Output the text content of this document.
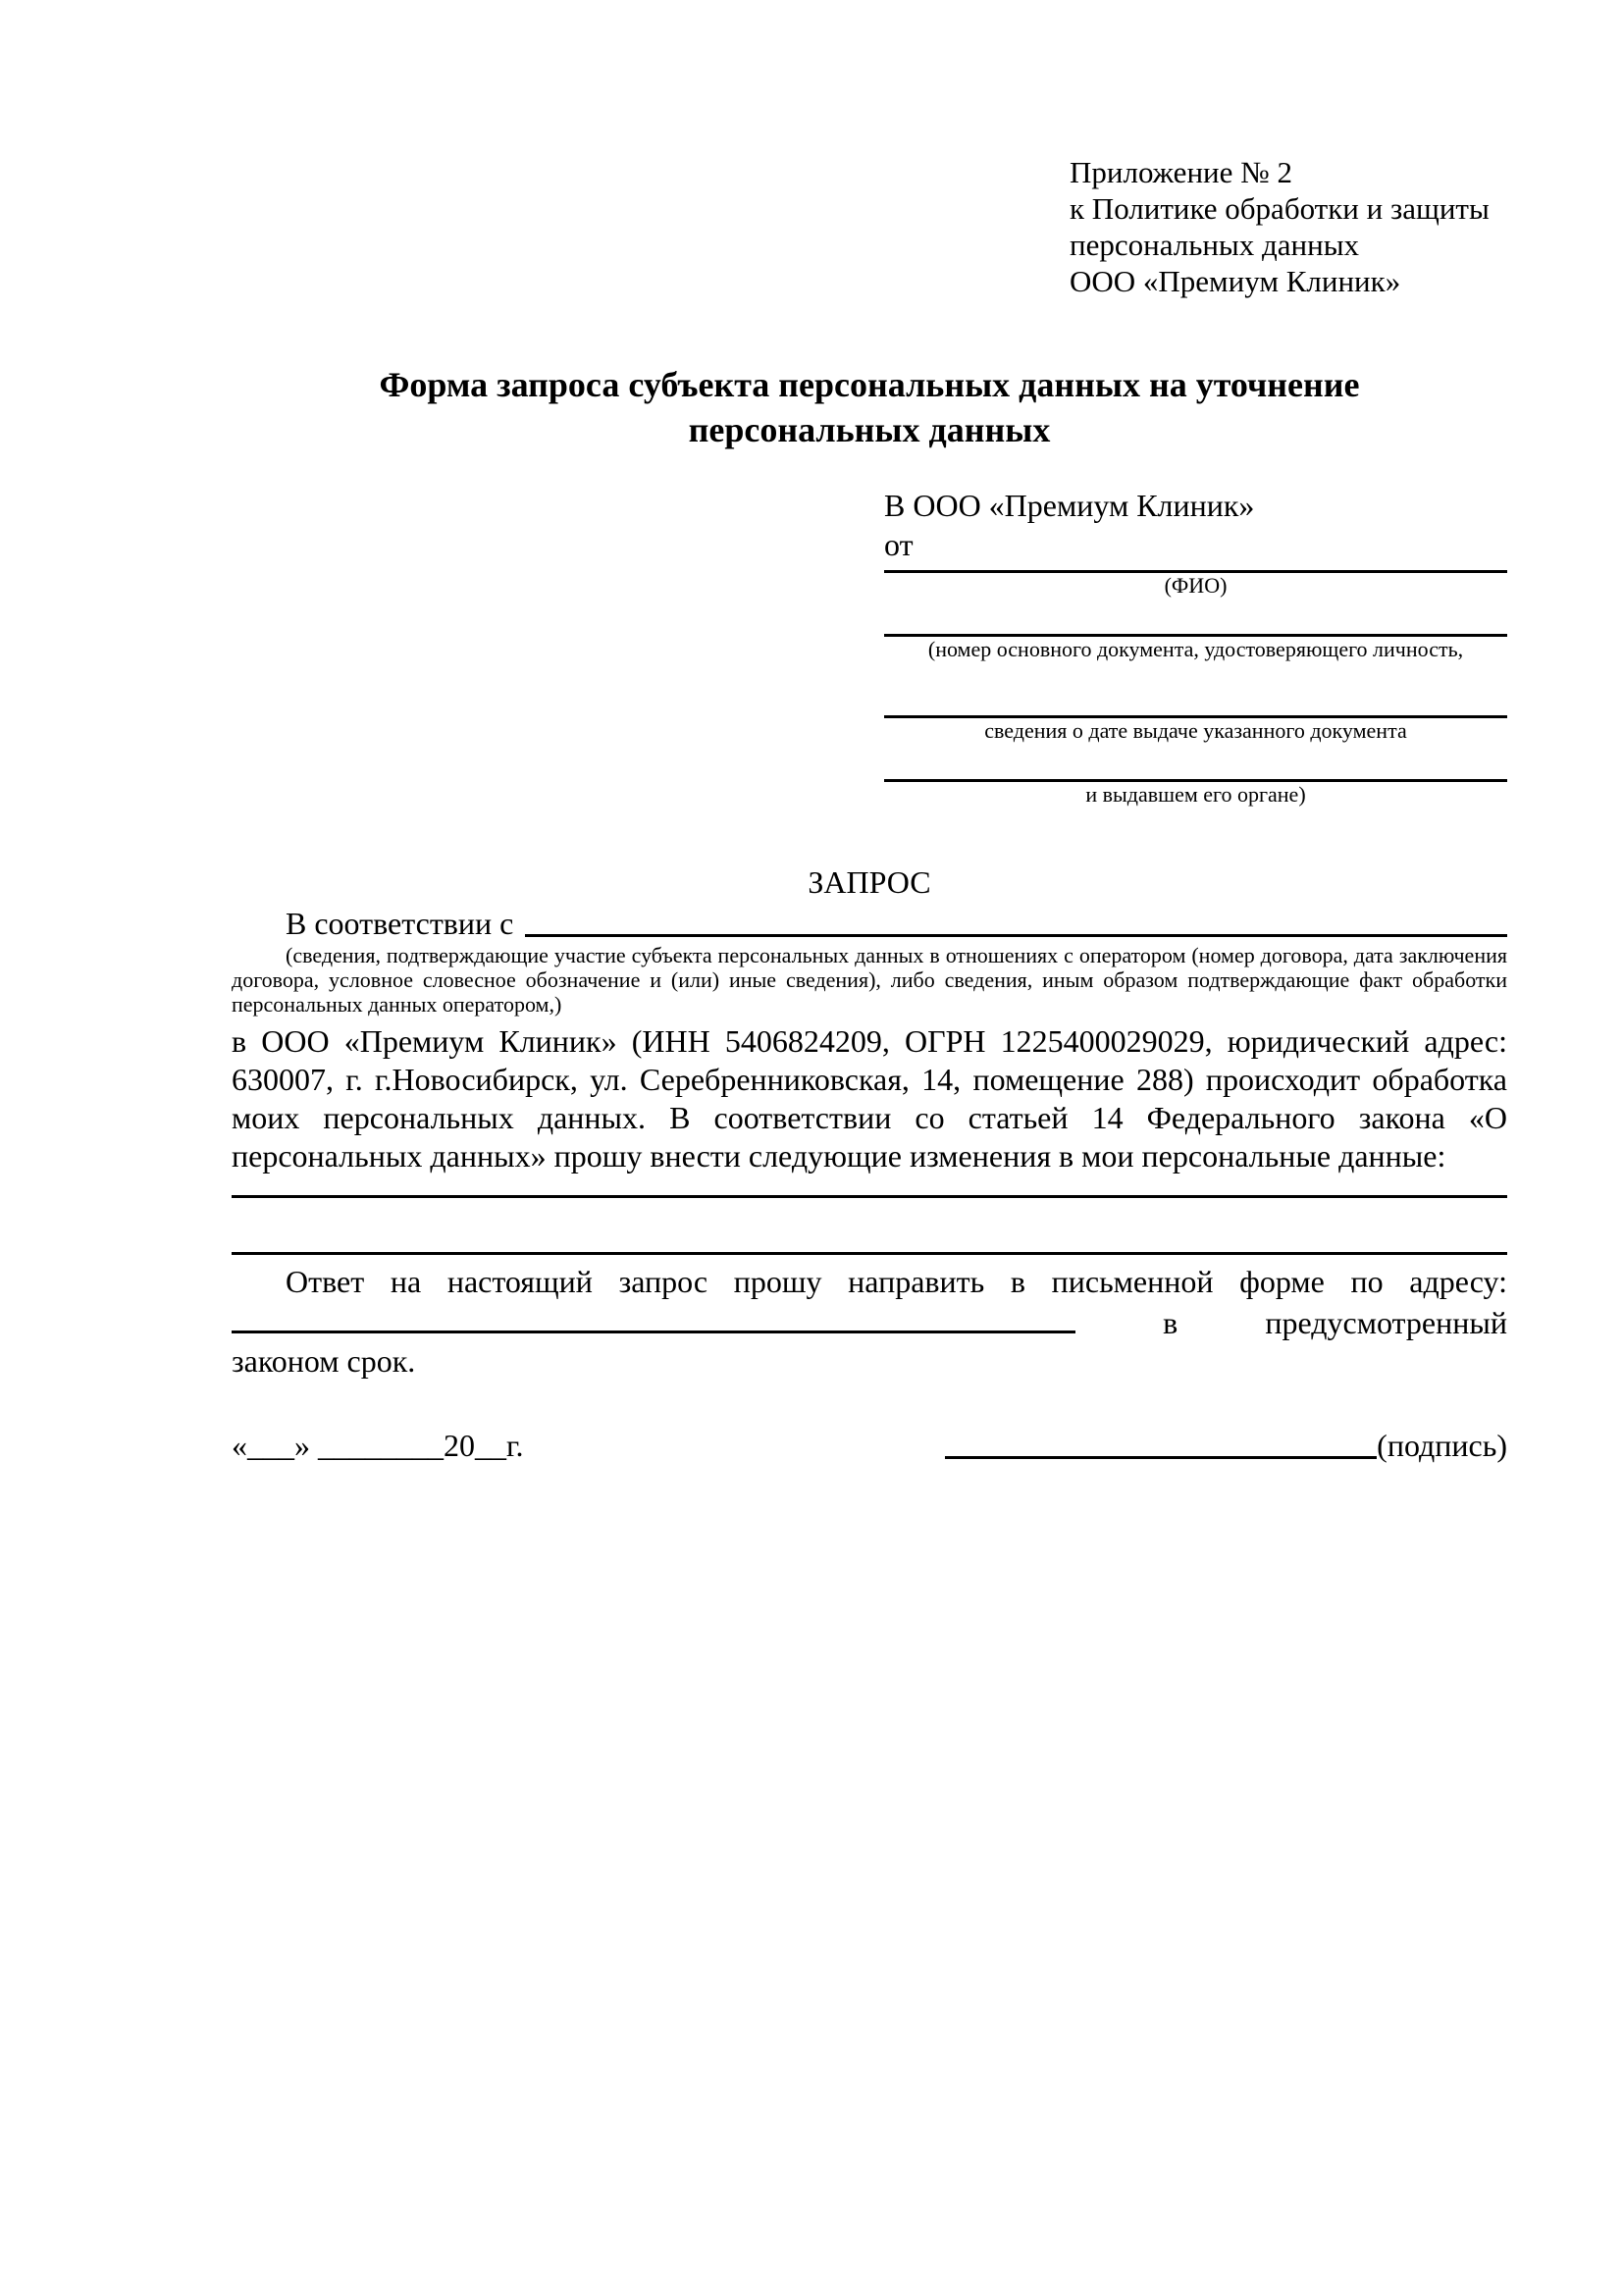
Приложение № 2
к Политике обработки и защиты
персональных данных
ООО «Премиум Клиник»
Форма запроса субъекта персональных данных на уточнение персональных данных
В ООО «Премиум Клиник»
от
(ФИО)
(номер основного документа, удостоверяющего личность,
сведения о дате выдаче указанного документа
и выдавшем его органе)
ЗАПРОС
В соответствии с
(сведения, подтверждающие участие субъекта персональных данных в отношениях с оператором (номер договора, дата заключения договора, условное словесное обозначение и (или) иные сведения), либо сведения, иным образом подтверждающие факт обработки персональных данных оператором,)
в ООО «Премиум Клиник» (ИНН 5406824209, ОГРН 1225400029029, юридический адрес: 630007, г. г.Новосибирск, ул. Серебренниковская, 14, помещение 288) происходит обработка моих персональных данных. В соответствии со статьей 14 Федерального закона «О персональных данных» прошу внести следующие изменения в мои персональные данные:
Ответ на настоящий запрос прошу направить в письменной форме по адресу:
в	предусмотренный
законом срок.
«___» ________20__г.	(подпись)
